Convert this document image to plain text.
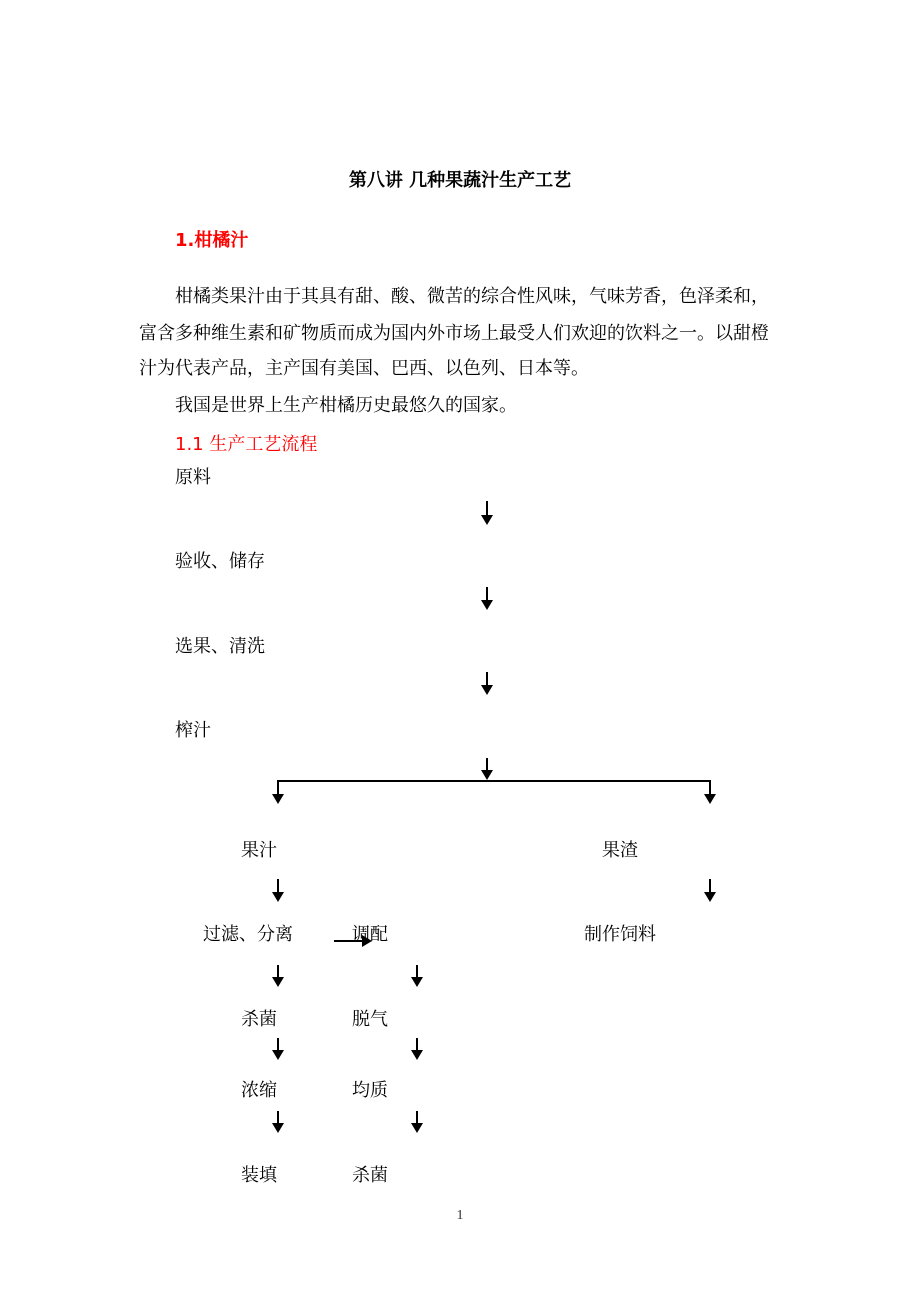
第八讲 几种果蔬汁生产工艺
1.柑橘汁
柑橘类果汁由于其具有甜、酸、微苦的综合性风味，气味芳香，色泽柔和，
富含多种维生素和矿物质而成为国内外市场上最受人们欢迎的饮料之一。以甜橙
汁为代表产品，主产国有美国、巴西、以色列、日本等。
我国是世界上生产柑橘历史最悠久的国家。
1.1 生产工艺流程
原料
验收、储存
选果、清洗
榨汁
果汁	果渣
过滤、分离	调配	制作饲料
杀菌	脱气
浓缩	均质
装填	杀菌
1
